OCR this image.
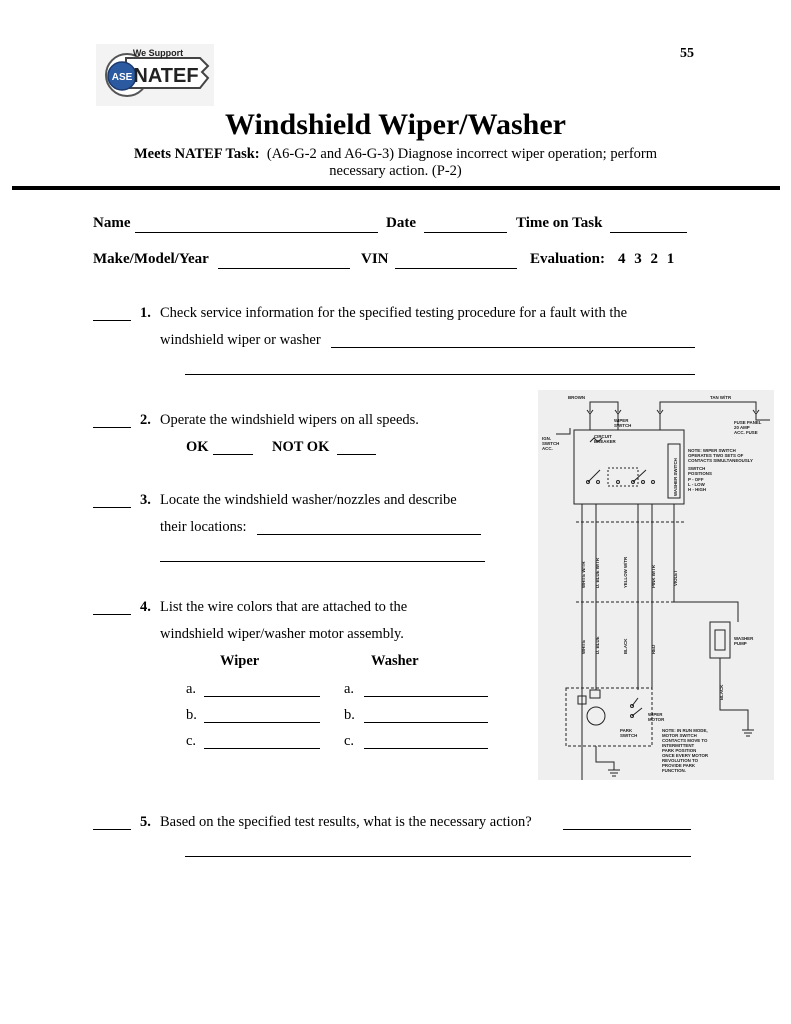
ASE
We Support
NATEF
55
Windshield Wiper/Washer
Meets NATEF Task: (A6-G-2 and A6-G-3) Diagnose incorrect wiper operation; perform
necessary action. (P-2)
Name	Date	Time on Task
Make/Model/Year	VIN	Evaluation: 4 3 2 1
1. Check service information for the specified testing procedure for a fault with the
windshield wiper or washer
2. Operate the windshield wipers on all speeds.
OK	NOT OK
3. Locate the windshield washer/nozzles and describe
their locations:
4. List the wire colors that are attached to the
windshield wiper/washer motor assembly.
Wiper	Washer
a.	a.
b.	b.
c.	c.
5. Based on the specified test results, what is the necessary action?
BROWN	TAN W/TR
WIPER
SWITCH
FUSE PANEL
20 AMP
ACC. FUSE
IGN.
SWITCH
ACC.
CIRCUIT
BREAKER
NOTE: WIPER SWITCH
OPERATES TWO SETS OF
CONTACTS SIMULTANEOUSLY
SWITCH
POSITIONS
P - OFF
L - LOW
H - HIGH
WASHER SWITCH
WHITE W/TR D. BLUE W/TR	YELLOW W/TR	PINK W/TR	VIOLET
WHITE D. BLUE	BLACK	RED
WASHER
PUMP
BLACK
WIPER
MOTOR
PARK
SWITCH
NOTE: IN RUN MODE,
MOTOR SWITCH
CONTACTS MOVE TO
INTERMITTENT
PARK POSITION
ONCE EVERY MOTOR
REVOLUTION TO
PROVIDE PARK
FUNCTION.
